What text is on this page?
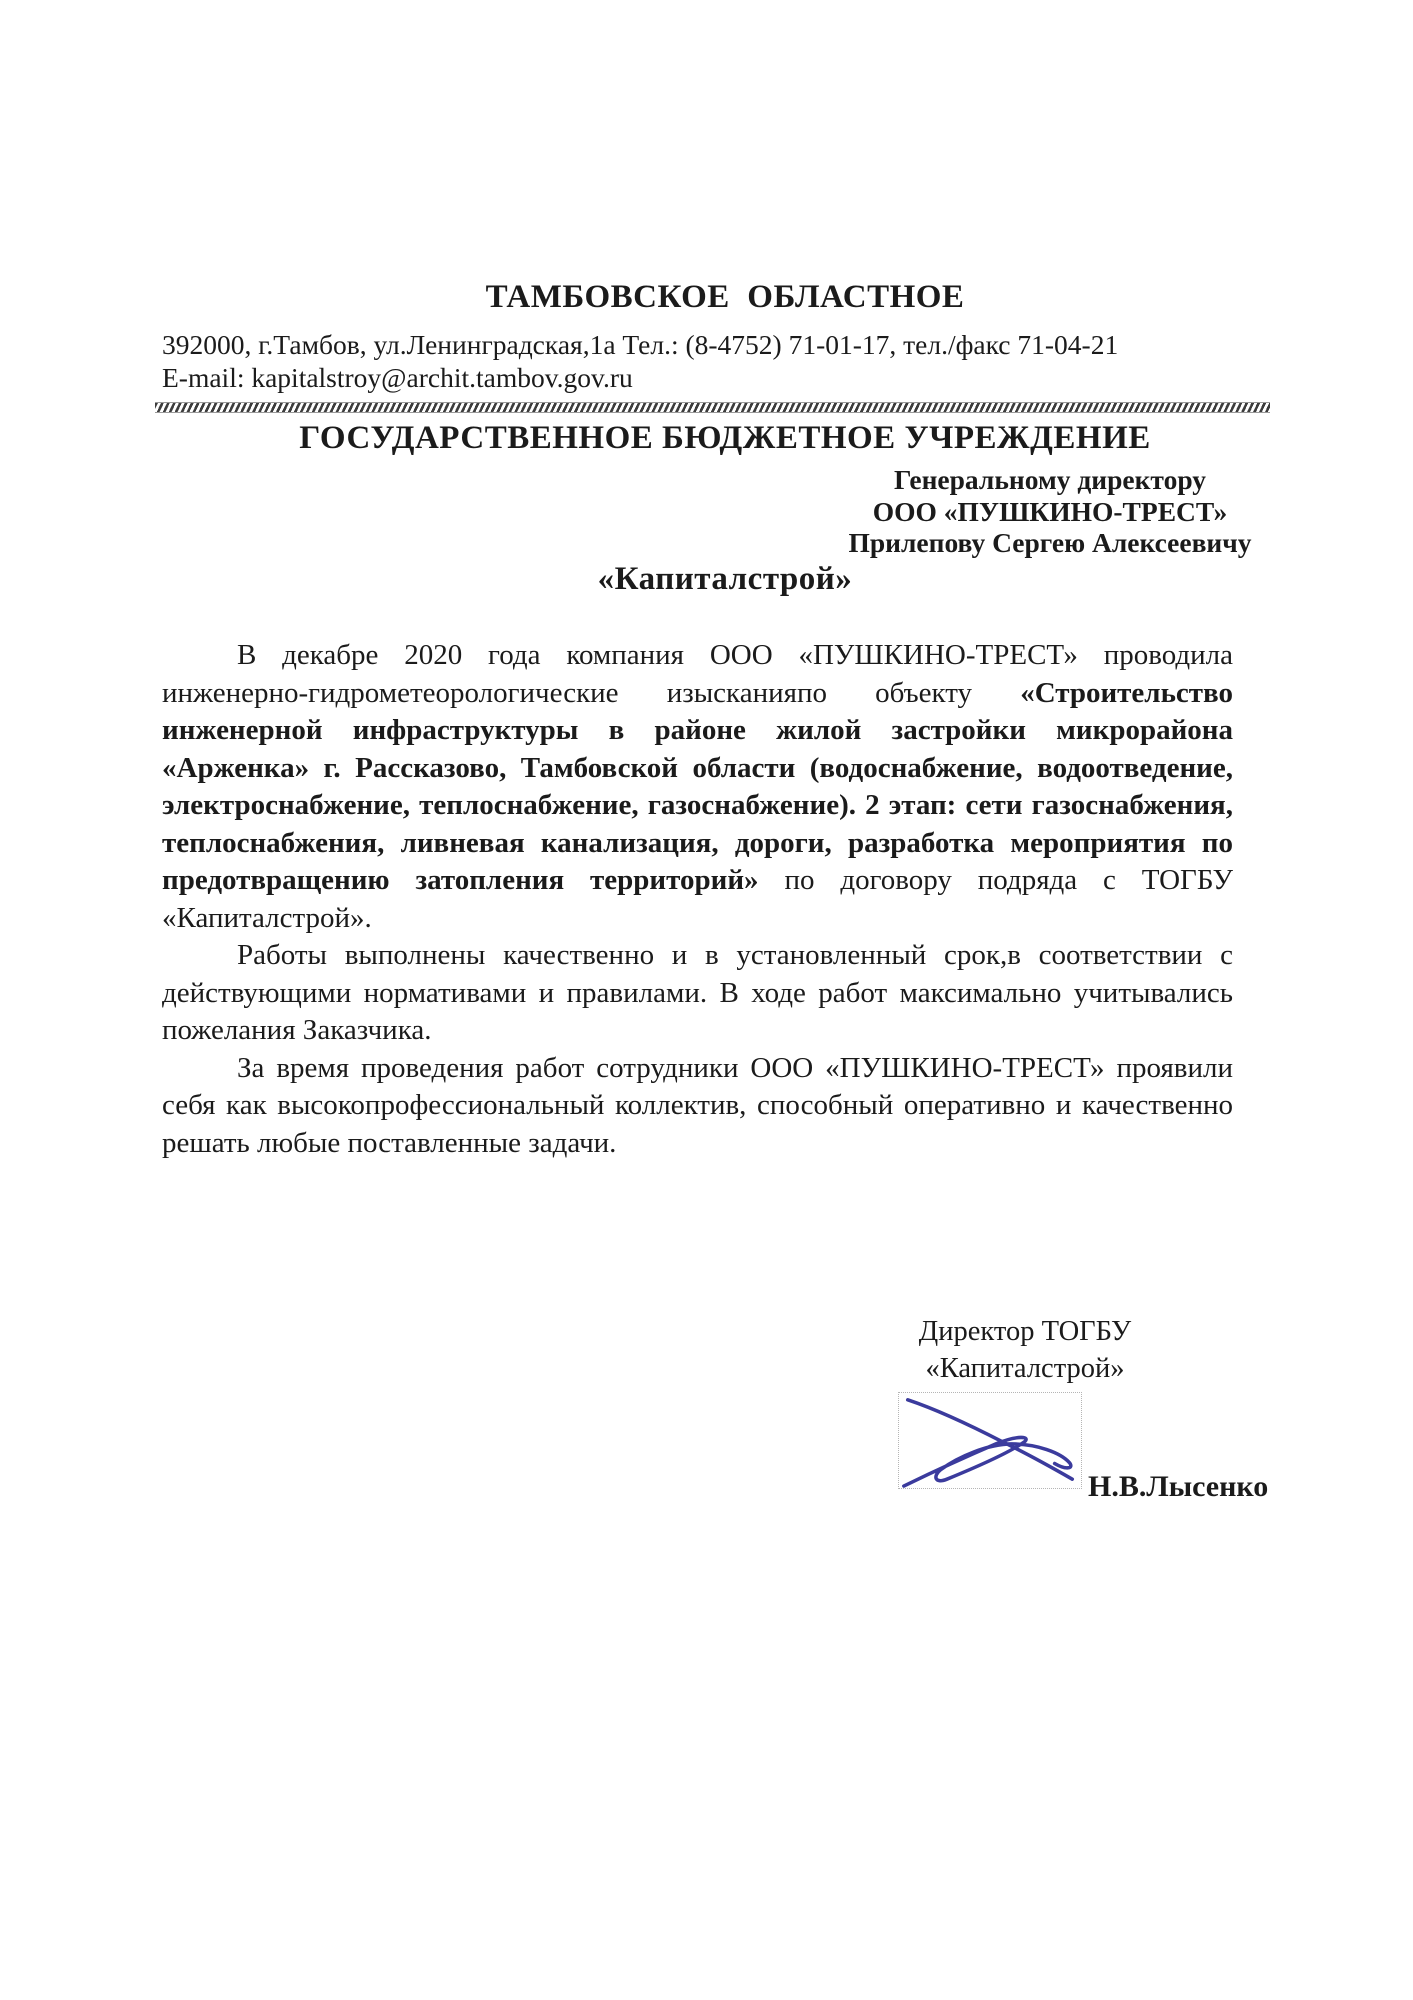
ТАМБОВСКОЕ  ОБЛАСТНОЕ

ГОСУДАРСТВЕННОЕ БЮДЖЕТНОЕ УЧРЕЖДЕНИЕ

«Капиталстрой»

392000, г.Тамбов, ул.Ленинградская,1а Тел.: (8-4752) 71-01-17, тел./факс 71-04-21
E-mail: kapitalstroy@archit.tambov.gov.ru
Генеральному директору
ООО «ПУШКИНО-ТРЕСТ»
Прилепову Сергею Алексеевичу

В декабре 2020 года компания ООО «ПУШКИНО-ТРЕСТ» проводила инженерно-гидрометеорологические изысканияпо объекту «Строительство инженерной инфраструктуры в районе жилой застройки микрорайона «Арженка» г. Рассказово, Тамбовской области (водоснабжение, водоотведение, электроснабжение, теплоснабжение, газоснабжение). 2 этап: сети газоснабжения, теплоснабжения, ливневая канализация, дороги, разработка мероприятия по предотвращению затопления территорий» по договору подряда с ТОГБУ «Капиталстрой».

Работы выполнены качественно и в установленный срок,в соответствии с действующими нормативами и правилами. В ходе работ максимально учитывались пожелания Заказчика.

За время проведения работ сотрудники ООО «ПУШКИНО-ТРЕСТ» проявили себя как высокопрофессиональный коллектив, способный оперативно и качественно решать любые поставленные задачи.

Директор ТОГБУ
«Капиталстрой»
Н.В.Лысенко
